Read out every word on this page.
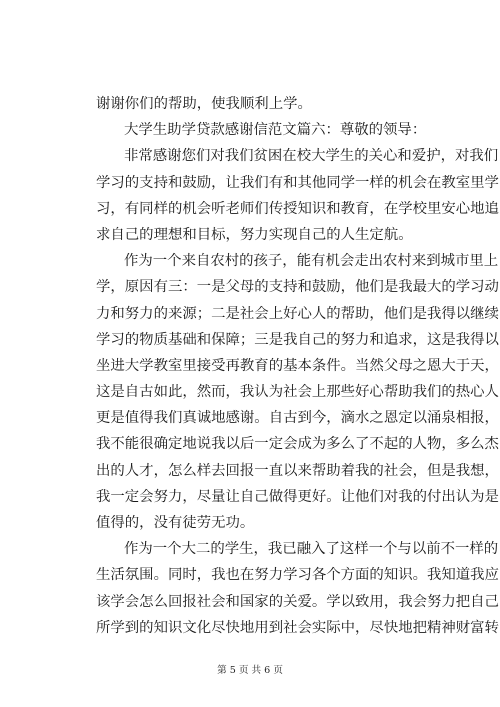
谢谢你们的帮助，使我顺利上学。
大学生助学贷款感谢信范文篇六：尊敬的领导：
非常感谢您们对我们贫困在校大学生的关心和爱护，对我们
学习的支持和鼓励，让我们有和其他同学一样的机会在教室里学
习，有同样的机会听老师们传授知识和教育，在学校里安心地追
求自己的理想和目标，努力实现自己的人生定航。
作为一个来自农村的孩子，能有机会走出农村来到城市里上
学，原因有三：一是父母的支持和鼓励，他们是我最大的学习动
力和努力的来源；二是社会上好心人的帮助，他们是我得以继续
学习的物质基础和保障；三是我自己的努力和追求，这是我得以
坐进大学教室里接受再教育的基本条件。当然父母之恩大于天，
这是自古如此，然而，我认为社会上那些好心帮助我们的热心人
更是值得我们真诚地感谢。自古到今，滴水之恩定以涌泉相报，
我不能很确定地说我以后一定会成为多么了不起的人物，多么杰
出的人才，怎么样去回报一直以来帮助着我的社会，但是我想，
我一定会努力，尽量让自己做得更好。让他们对我的付出认为是
值得的，没有徒劳无功。
作为一个大二的学生，我已融入了这样一个与以前不一样的
生活氛围。同时，我也在努力学习各个方面的知识。我知道我应
该学会怎么回报社会和国家的关爱。学以致用，我会努力把自己
所学到的知识文化尽快地用到社会实际中，尽快地把精神财富转
第 5 页 共 6 页
